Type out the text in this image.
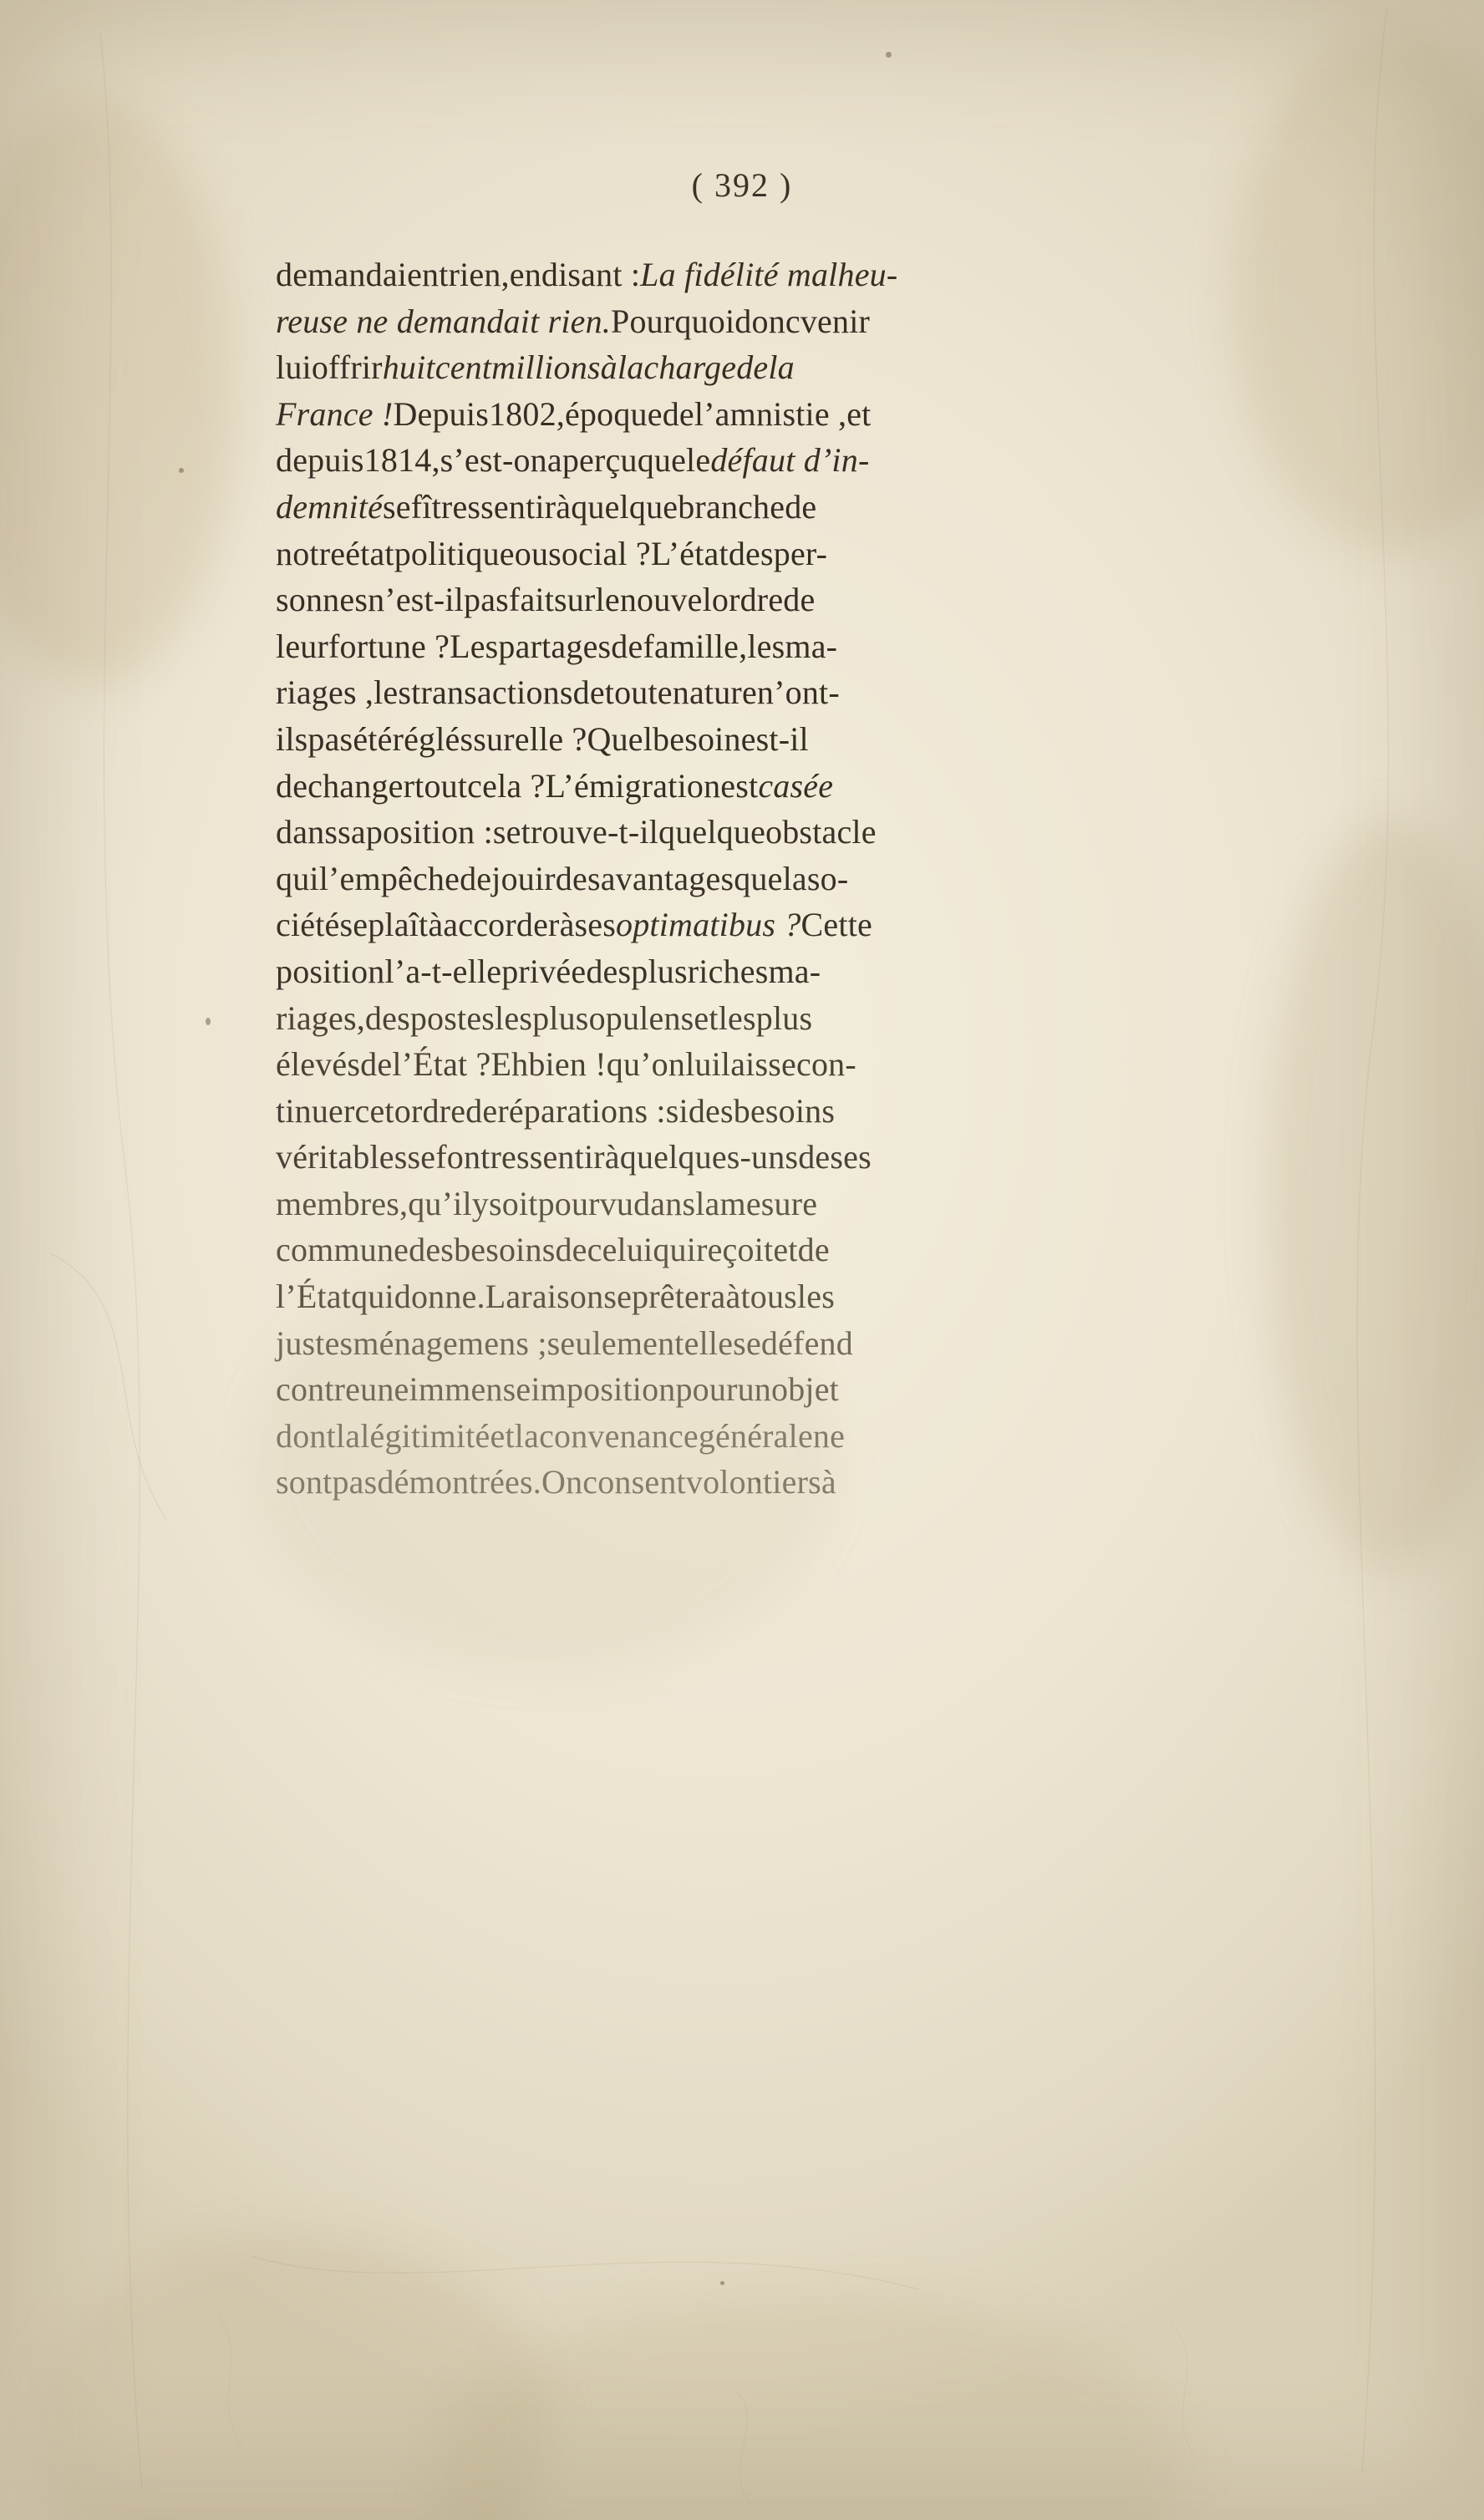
( 392 )
demandaientrien,endisant :La fidélité malheu-
reuse ne demandait rien.Pourquoidoncvenir
luioffrirhuitcentmillionsàlachargedela
France !Depuis1802,époquedel’amnistie ,et
depuis1814,s’est-onaperçuqueledéfaut d’in-
demnitésefîtressentiràquelquebranchede
notreétatpolitiqueousocial ?L’étatdesper-
sonnesn’est-ilpasfaitsurlenouvelordrede
leurfortune ?Lespartagesdefamille,lesma-
riages ,lestransactionsdetoutenaturen’ont-
ilspasétérégléssurelle ?Quelbesoinest-il
dechangertoutcela ?L’émigrationestcasée
danssaposition :setrouve-t-ilquelqueobstacle
quil’empêchedejouirdesavantagesquelaso-
ciétéseplaîtàaccorderàsesoptimatibus ?Cette
positionl’a-t-elleprivéedesplusrichesma-
riages,desposteslesplusopulensetlesplus
élevésdel’État ?Ehbien !qu’onluilaissecon-
tinuercetordrederéparations :sidesbesoins
véritablessefontressentiràquelques-unsdeses
membres,qu’ilysoitpourvudanslamesure
communedesbesoinsdeceluiquireçoitetde
l’Étatquidonne.Laraisonseprêteraàtousles
justesménagemens ;seulementellesedéfend
contreuneimmenseimpositionpourunobjet
dontlalégitimitéetlaconvenancegénéralene
sontpasdémontrées.Onconsentvolontiersà
